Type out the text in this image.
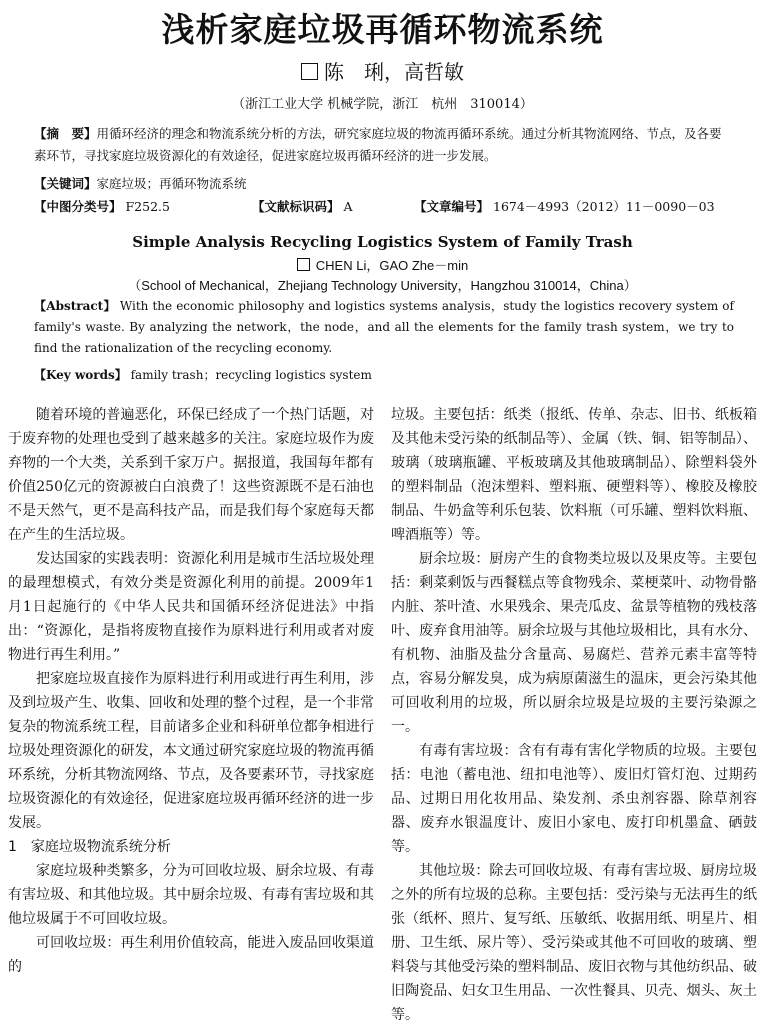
浅析家庭垃圾再循环物流系统
陈　琍，高哲敏
（浙江工业大学 机械学院，浙江　杭州　310014）
【摘　要】用循环经济的理念和物流系统分析的方法，研究家庭垃圾的物流再循环系统。通过分析其物流网络、节点，及各要素环节，寻找家庭垃圾资源化的有效途径，促进家庭垃圾再循环经济的进一步发展。
【关键词】家庭垃圾；再循环物流系统
【中图分类号】 F252.5	【文献标识码】 A	【文章编号】 1674－4993（2012）11－0090－03
Simple Analysis Recycling Logistics System of Family Trash
CHEN Li，GAO Zhe－min
（School of Mechanical，Zhejiang Technology University，Hangzhou 310014，China）
【Abstract】 With the economic philosophy and logistics systems analysis，study the logistics recovery system of family's waste. By analyzing the network，the node，and all the elements for the family trash system，we try to find the rationalization of the recycling economy.
【Key words】 family trash；recycling logistics system

随着环境的普遍恶化，环保已经成了一个热门话题，对于废弃物的处理也受到了越来越多的关注。家庭垃圾作为废弃物的一个大类，关系到千家万户。据报道，我国每年都有价值250亿元的资源被白白浪费了！这些资源既不是石油也不是天然气，更不是高科技产品，而是我们每个家庭每天都在产生的生活垃圾。

发达国家的实践表明：资源化利用是城市生活垃圾处理的最理想模式，有效分类是资源化利用的前提。2009年1月1日起施行的《中华人民共和国循环经济促进法》中指出：“资源化，是指将废物直接作为原料进行利用或者对废物进行再生利用。”

把家庭垃圾直接作为原料进行利用或进行再生利用，涉及到垃圾产生、收集、回收和处理的整个过程，是一个非常复杂的物流系统工程，目前诸多企业和科研单位都争相进行垃圾处理资源化的研发，本文通过研究家庭垃圾的物流再循环系统，分析其物流网络、节点，及各要素环节，寻找家庭垃圾资源化的有效途径，促进家庭垃圾再循环经济的进一步发展。

1　家庭垃圾物流系统分析

家庭垃圾种类繁多，分为可回收垃圾、厨余垃圾、有毒有害垃圾、和其他垃圾。其中厨余垃圾、有毒有害垃圾和其他垃圾属于不可回收垃圾。

可回收垃圾：再生利用价值较高，能进入废品回收渠道的

垃圾。主要包括：纸类（报纸、传单、杂志、旧书、纸板箱及其他未受污染的纸制品等）、金属（铁、铜、铝等制品）、玻璃（玻璃瓶罐、平板玻璃及其他玻璃制品）、除塑料袋外的塑料制品（泡沫塑料、塑料瓶、硬塑料等）、橡胶及橡胶制品、牛奶盒等利乐包装、饮料瓶（可乐罐、塑料饮料瓶、啤酒瓶等）等。

厨余垃圾：厨房产生的食物类垃圾以及果皮等。主要包括：剩菜剩饭与西餐糕点等食物残余、菜梗菜叶、动物骨骼内脏、茶叶渣、水果残余、果壳瓜皮、盆景等植物的残枝落叶、废弃食用油等。厨余垃圾与其他垃圾相比，具有水分、有机物、油脂及盐分含量高、易腐烂、营养元素丰富等特点，容易分解发臭，成为病原菌滋生的温床，更会污染其他可回收利用的垃圾，所以厨余垃圾是垃圾的主要污染源之一。

有毒有害垃圾：含有有毒有害化学物质的垃圾。主要包括：电池（蓄电池、纽扣电池等）、废旧灯管灯泡、过期药品、过期日用化妆用品、染发剂、杀虫剂容器、除草剂容器、废弃水银温度计、废旧小家电、废打印机墨盒、硒鼓等。

其他垃圾：除去可回收垃圾、有毒有害垃圾、厨房垃圾之外的所有垃圾的总称。主要包括：受污染与无法再生的纸张（纸杯、照片、复写纸、压敏纸、收据用纸、明星片、相册、卫生纸、尿片等）、受污染或其他不可回收的玻璃、塑料袋与其他受污染的塑料制品、废旧衣物与其他纺织品、破旧陶瓷品、妇女卫生用品、一次性餐具、贝壳、烟头、灰土等。
